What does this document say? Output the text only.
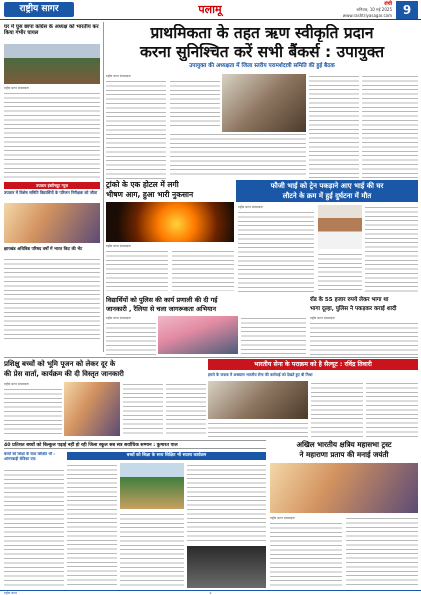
राष्ट्रीय सागर	पलामू	रांची
शनिवार, 10 मई 2025
www.rashtriyasagar.com 9
घर में घुस छापा कांग्रेस के अध्यक्ष को भारतीय कर किया गंभीर घायल
राष्ट्रीय सागर संवाददाता
उपकार इंस्टीच्यूट न्यूज
उपकार में विशेष समिति विद्यार्थियों के परिजन निरीक्षक को जीता
झारखंड अधिविद्य परिषद वर्षों में भारत किट की भेंट
प्राथमिकता के तहत ऋण स्वीकृति प्रदान
करना सुनिश्चित करें सभी बैंकर्स : उपायुक्त
उपायुक्त की अध्यक्षता में जिला स्तरीय परामर्शदात्री समिति की हुई बैठक
राष्ट्रीय सागर संवाददाता
ट्रांको के एक होटल में लगी
भीषण आग, हुआ भारी नुकसान
राष्ट्रीय सागर संवाददाता
फौजी भाई को ट्रेन पकड़ाने आए भाई की घर
लौटने के क्रम में हुई दुर्घटना में मौत
राष्ट्रीय सागर संवाददाता
विद्यार्थियों को पुलिस की कार्य प्रणाली की दी गई
जानकारी , रैलिया से चला जागरूकता अभियान
राष्ट्रीय सागर संवाददाता
रॉड के 55 हजार रुपये लेकर भागा था
भागा दूल्हा, पुलिस ने पकड़कर कराई शादी
राष्ट्रीय सागर संवाददाता
प्रशिक्षु बच्चों को भूमि पूजन को लेकर दूर के
की प्रेस वार्ता, कार्यक्रम की दी विस्तृत जानकारी
भारतीय सेना के पराक्रम को है सैल्यूट : रविंद्र तिवारी
हमले के जवाब में अब्ब्यास भारतीय सेना की कार्रवाई को देखते हुए बी मिश्रा
राष्ट्रीय सागर संवाददाता
40 प्रतिशत बच्चों को बिल्कुल पढ़ाई नहीं हो रही जिला स्कूल सब सत्र सर्वाधिक सम्मान : कुमारत पाल
बच्चों को शिक्षा के साथ शिक्षित भी : आंगनबाड़ी सेविका एक
बच्चों को शिक्षा के साथ शिक्षित भी सदस्य कार्यक्रम
अखिल भारतीय क्षत्रिय महासभा ट्रस्ट
ने महाराणा प्रताप की मनाई जयंती
राष्ट्रीय सागर संवाददाता
राष्ट्रीय सागर	9
